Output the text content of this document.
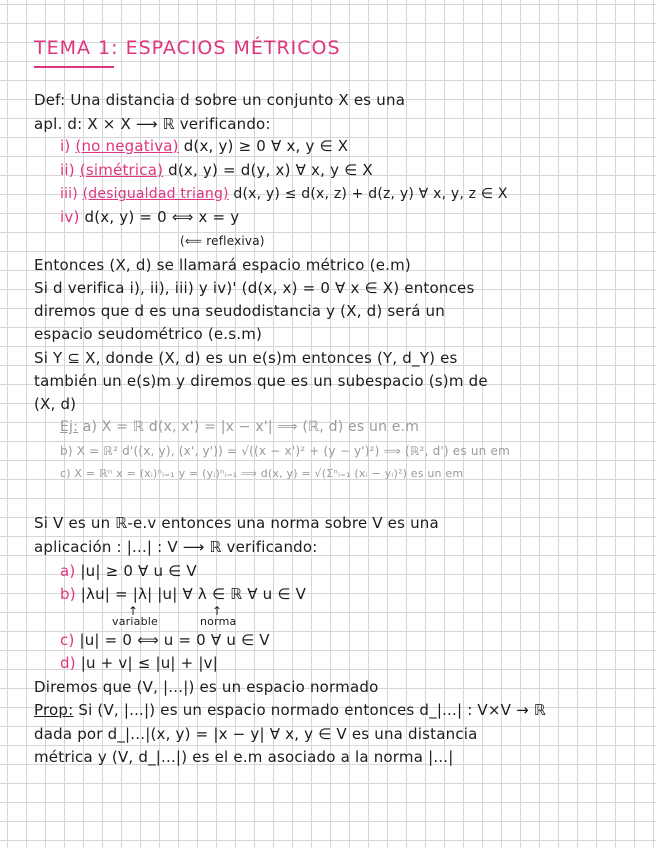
TEMA 1: ESPACIOS MÉTRICOS
Def: Una distancia d sobre un conjunto X es una
apl. d: X × X ⟶ ℝ verificando:
i) (no negativa) d(x, y) ≥ 0 ∀ x, y ∈ X
ii) (simétrica) d(x, y) = d(y, x) ∀ x, y ∈ X
iii) (desigualdad triang) d(x, y) ≤ d(x, z) + d(z, y) ∀ x, y, z ∈ X
iv) d(x, y) = 0 ⟺ x = y
(⟸ reflexiva)
Entonces (X, d) se llamará espacio métrico (e.m)
Si d verifica i), ii), iii) y iv)' (d(x, x) = 0 ∀ x ∈ X) entonces
diremos que d es una seudodistancia y (X, d) será un
espacio seudométrico (e.s.m)
Si Y ⊆ X, donde (X, d) es un e(s)m entonces (Y, d_Y) es
también un e(s)m y diremos que es un subespacio (s)m de
(X, d)
Ej: a) X = ℝ d(x, x') = |x − x'| ⟹ (ℝ, d) es un e.m
b) X = ℝ² d'((x, y), (x', y')) = √((x − x')² + (y − y')²) ⟹ (ℝ², d') es un em
c) X = ℝⁿ x = (xᵢ)ⁿᵢ₌₁ y = (yᵢ)ⁿᵢ₌₁ ⟹ d(x, y) = √(Σⁿᵢ₌₁ (xᵢ − yᵢ)²) es un em
Si V es un ℝ-e.v entonces una norma sobre V es una
aplicación : |...| : V ⟶ ℝ verificando:
a) |u| ≥ 0 ∀ u ∈ V
b) |λu| = |λ| |u| ∀ λ ∈ ℝ ∀ u ∈ V
↑	↑
variable	norma
c) |u| = 0 ⟺ u = 0 ∀ u ∈ V
d) |u + v| ≤ |u| + |v|
Diremos que (V, |...|) es un espacio normado
Prop: Si (V, |...|) es un espacio normado entonces d_|...| : V×V → ℝ
dada por d_|...|(x, y) = |x − y| ∀ x, y ∈ V es una distancia
métrica y (V, d_|...|) es el e.m asociado a la norma |...|
